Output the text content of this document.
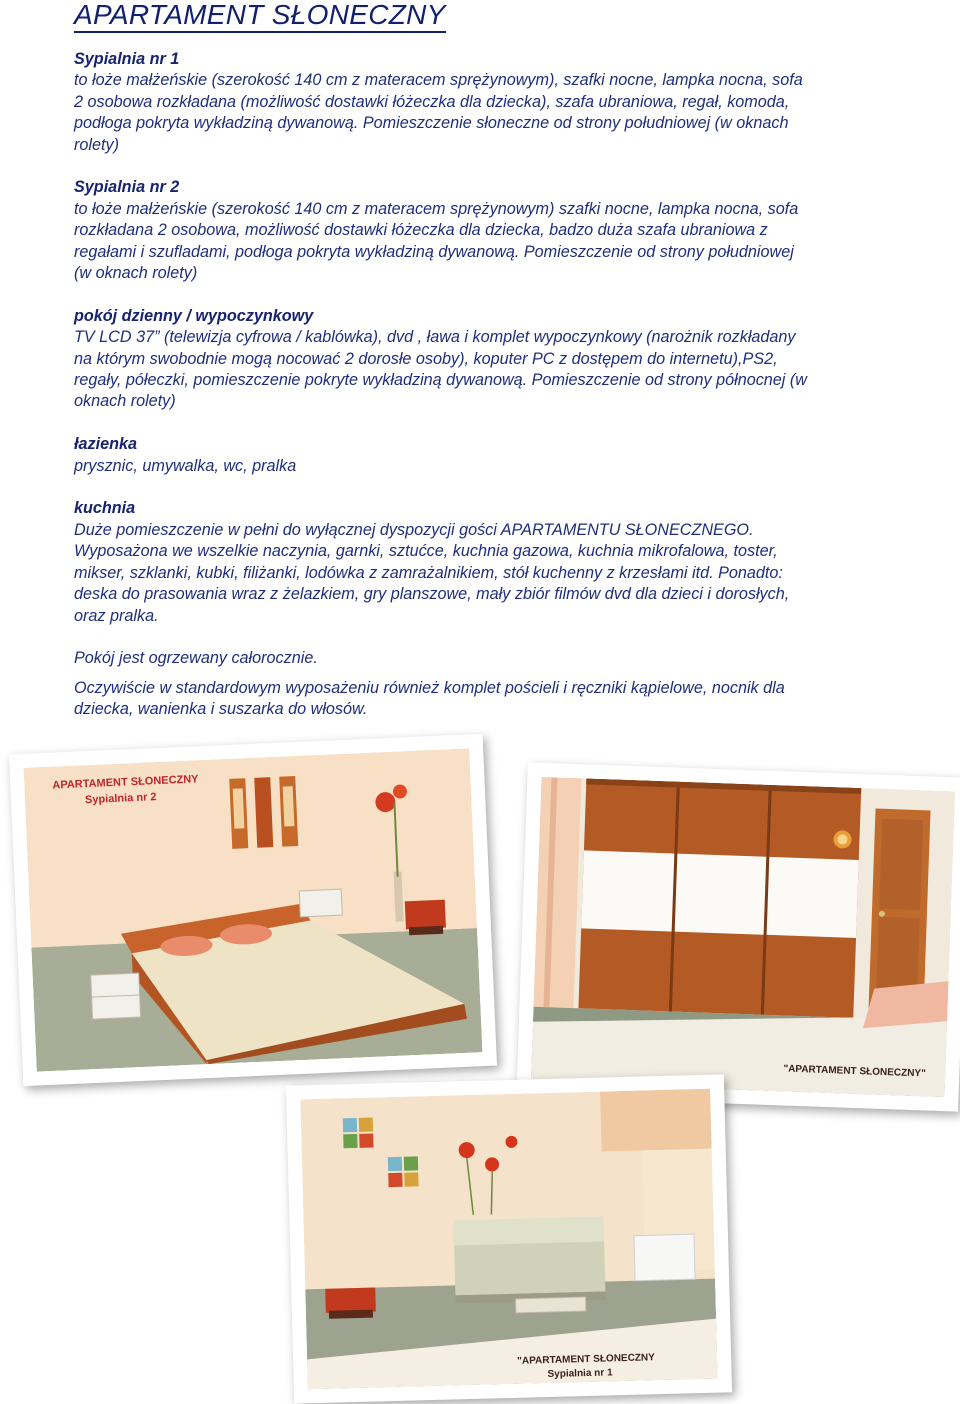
APARTAMENT SŁONECZNY

Sypialnia nr 1

to łoże małżeńskie (szerokość 140 cm z materacem sprężynowym), szafki nocne, lampka nocna, sofa

2 osobowa rozkładana (możliwość dostawki łóżeczka dla dziecka), szafa ubraniowa, regał, komoda,

podłoga pokryta wykładziną dywanową. Pomieszczenie słoneczne od strony południowej (w oknach

rolety)

Sypialnia nr 2

to łoże małżeńskie (szerokość 140 cm z materacem sprężynowym) szafki nocne, lampka nocna, sofa

rozkładana 2 osobowa, możliwość dostawki łóżeczka dla dziecka, badzo duża szafa ubraniowa z

regałami i szufladami, podłoga pokryta wykładziną dywanową. Pomieszczenie od strony południowej

(w oknach rolety)

pokój dzienny / wypoczynkowy

TV LCD 37” (telewizja cyfrowa / kablówka), dvd , ława i komplet wypoczynkowy (narożnik rozkładany

na którym swobodnie mogą nocować 2 dorosłe osoby), koputer PC z dostępem do internetu),PS2,

regały, półeczki, pomieszczenie pokryte wykładziną dywanową. Pomieszczenie od strony północnej (w

oknach rolety)

łazienka

prysznic, umywalka, wc, pralka

kuchnia

Duże pomieszczenie w pełni do wyłącznej dyspozycji gości APARTAMENTU SŁONECZNEGO.

Wyposażona we wszelkie naczynia, garnki, sztućce, kuchnia gazowa, kuchnia mikrofalowa, toster,

mikser, szklanki, kubki, filiżanki, lodówka z zamrażalnikiem, stół kuchenny z krzesłami itd. Ponadto:

deska do prasowania wraz z żelazkiem, gry planszowe, mały zbiór filmów dvd dla dzieci i dorosłych,

oraz pralka.

Pokój jest ogrzewany całorocznie.

Oczywiście w standardowym wyposażeniu również komplet pościeli i ręczniki kąpielowe, nocnik dla

dziecka, wanienka i suszarka do włosów.

APARTAMENT SŁONECZNY
Sypialnia nr 2
"APARTAMENT SŁONECZNY"
"APARTAMENT SŁONECZNY
Sypialnia nr 1
